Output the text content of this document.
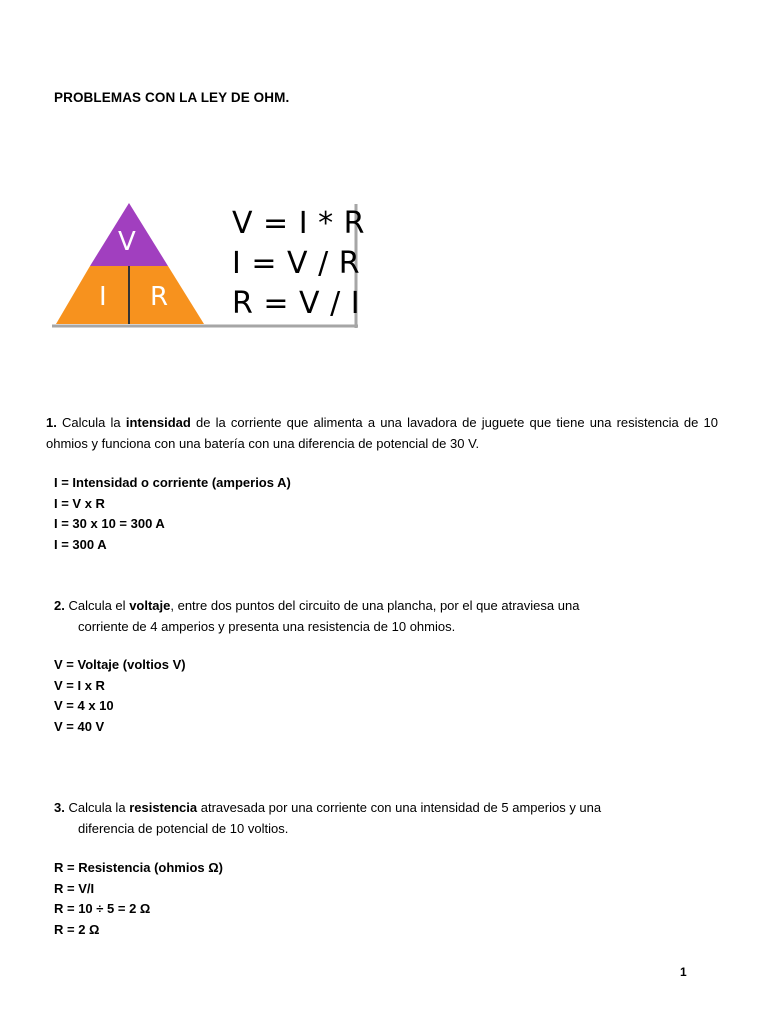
PROBLEMAS CON LA LEY DE OHM.
V
I R
V = I * R
I = V / R
R = V / I
1. Calcula la intensidad de la corriente que alimenta a una lavadora de juguete que tiene una resistencia de 10 ohmios y funciona con una batería con una diferencia de potencial de 30 V.
I = Intensidad o corriente (amperios A)
I = V x R
I = 30 x 10 = 300 A
I = 300 A
2. Calcula el voltaje, entre dos puntos del circuito de una plancha, por el que atraviesa una
corriente de 4 amperios y presenta una resistencia de 10 ohmios.
V = Voltaje (voltios V)
V = I x R
V = 4 x 10
V = 40 V
3. Calcula la resistencia atravesada por una corriente con una intensidad de 5 amperios y una
diferencia de potencial de 10 voltios.
R = Resistencia (ohmios Ω)
R = V/I
R = 10 ÷ 5 = 2 Ω
R = 2 Ω
1
